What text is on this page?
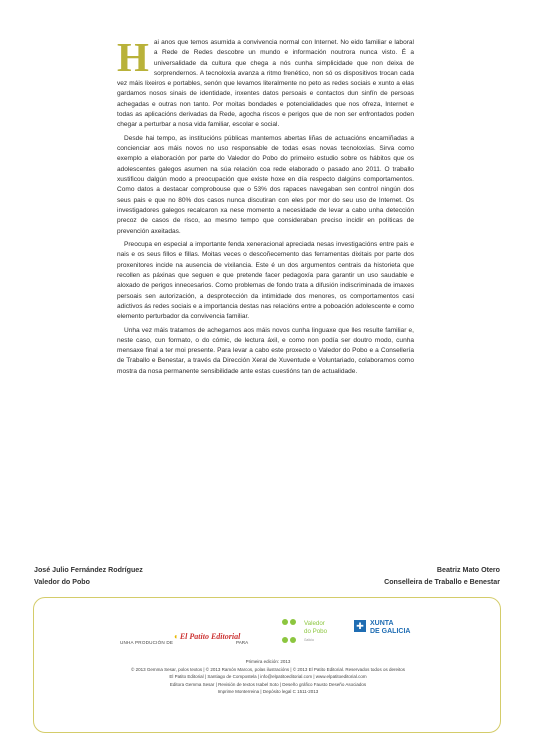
Hai anos que temos asumida a convivencia normal con Internet. No eido familiar e laboral a Rede de Redes descobre un mundo e información noutrora nunca visto. É a universalidade da cultura que chega a nós cunha simplicidade que non deixa de sorprendernos. A tecnoloxía avanza a ritmo frenético, non só os dispositivos trocan cada vez máis lixeiros e portables, senón que levamos literalmente no peto as redes sociais e xunto a elas gardamos nosos sinais de identidade, inxentes datos persoais e contactos dun sinfín de persoas achegadas e outras non tanto. Por moitas bondades e potencialidades que nos ofreza, Internet e todas as aplicacións derivadas da Rede, agocha riscos e perigos que de non ser enfrontados poden chegar a perturbar a nosa vida familiar, escolar e social.

Desde hai tempo, as institucións públicas mantemos abertas liñas de actuacións encamiñadas a concienciar aos máis novos no uso responsable de todas esas novas tecnoloxías. Sirva como exemplo a elaboración por parte do Valedor do Pobo do primeiro estudio sobre os hábitos que os adolescentes galegos asumen na súa relación coa rede elaborado o pasado ano 2011. O traballo xustificou dalgún modo a preocupación que existe hoxe en día respecto dalgúns comportamentos. Como datos a destacar comprobouse que o 53% dos rapaces navegaban sen control ningún dos seus pais e que no 80% dos casos nunca discutiran con eles por mor do seu uso de Internet. Os investigadores galegos recalcaron xa nese momento a necesidade de levar a cabo unha detección precoz de casos de risco, ao mesmo tempo que consideraban preciso incidir en políticas de prevención axeitadas.

Preocupa en especial a importante fenda xeneracional apreciada nesas investigacións entre pais e nais e os seus fillos e fillas. Moitas veces o descoñecemento das ferramentas dixitais por parte dos proxenitores incide na ausencia de vixilancia. Este é un dos argumentos centrais da historieta que recollen as páxinas que seguen e que pretende facer pedagoxía para garantir un uso saudable e aloxado de perigos innecesarios. Como problemas de fondo trata a difusión indiscriminada de imaxes persoais sen autorización, a desprotección da intimidade dos menores, os comportamentos casi adictivos ás redes sociais e a importancia destas nas relacións entre a poboación adolescente e como elemento perturbador da convivencia familiar.

Unha vez máis tratamos de achegarnos aos máis novos cunha linguaxe que lles resulte familiar e, neste caso, cun formato, o do cómic, de lectura áxil, e como non podía ser doutro modo, cunha mensaxe final a ter moi presente. Para levar a cabo este proxecto o Valedor do Pobo e a Consellería de Traballo e Benestar, a través da Dirección Xeral de Xuventude e Voluntariado, colaboramos como mostra da nosa permanente sensibilidade ante estas cuestións tan de actualidade.

José Julio Fernández Rodríguez
Valedor do Pobo
Beatriz Mato Otero
Conselleira de Traballo e Benestar
UNHA PRODUCIÓN DE
◐El Patito Editorial
PARA

Valedor
do Pobo
Galicia
✚ XUNTA
DE GALICIA
Primeira edición: 2013
© 2013 Gemma Sesar, polos textos | © 2013 Ramón Marcos, polas ilustracións | © 2013 El Patito Editorial. Reservados todos os dereitos
El Patito Editorial | Santiago de Compostela | info@elpatitoeditorial.com | www.elpatitoeditorial.com
Editora Gemma Sesar | Revisión de textos Isabel Soto | Deseño gráfico Fausto Deseño Asociados
Imprime Monterreina | Depósito legal C 1511-2013
